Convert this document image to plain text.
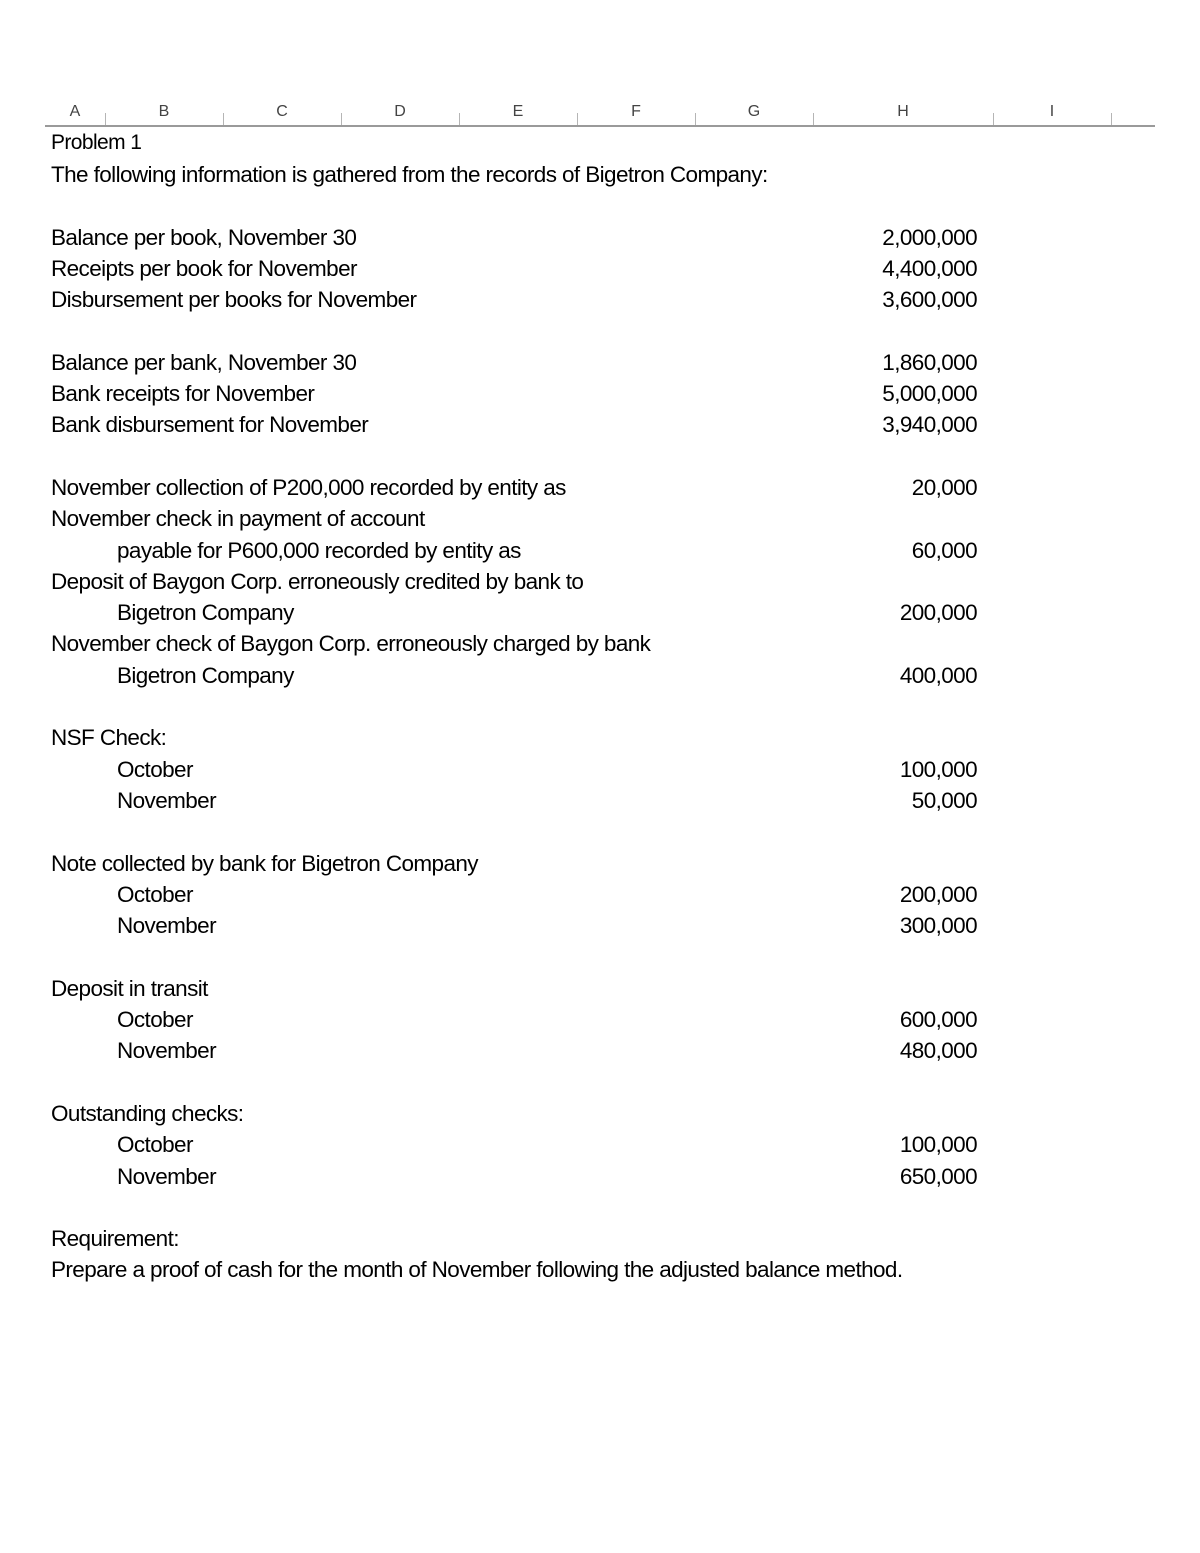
A	B	C	D	E	F	G	H	I
Problem 1
The following information is gathered from the records of Bigetron Company:
Balance per book, November 30	2,000,000
Receipts per book for November	4,400,000
Disbursement per books for November	3,600,000
Balance per bank, November 30	1,860,000
Bank receipts for November	5,000,000
Bank disbursement for November	3,940,000
November collection of P200,000 recorded by entity as	20,000
November check in payment of account
payable for P600,000 recorded by entity as	60,000
Deposit of Baygon Corp. erroneously credited by bank to
Bigetron Company	200,000
November check of Baygon Corp. erroneously charged by bank
Bigetron Company	400,000
NSF Check:
October	100,000
November	50,000
Note collected by bank for Bigetron Company
October	200,000
November	300,000
Deposit in transit
October	600,000
November	480,000
Outstanding checks:
October	100,000
November	650,000
Requirement:
Prepare a proof of cash for the month of November following the adjusted balance method.
